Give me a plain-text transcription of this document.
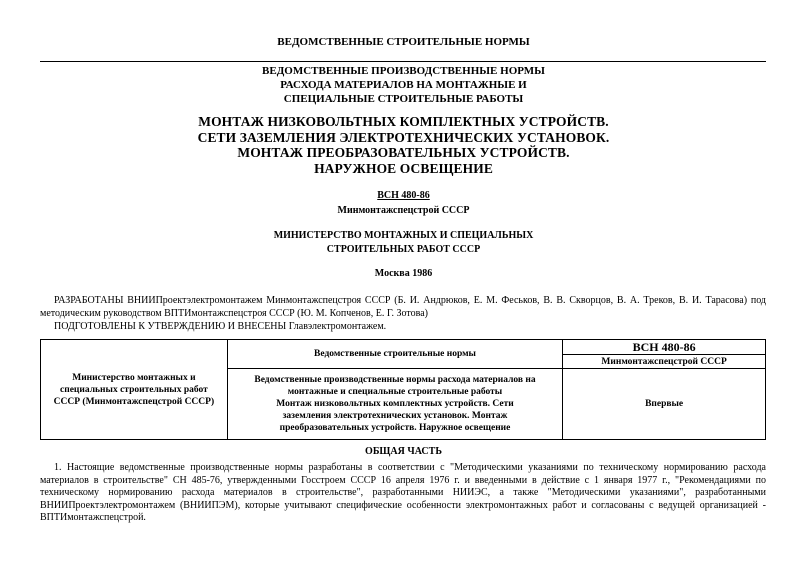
ВЕДОМСТВЕННЫЕ СТРОИТЕЛЬНЫЕ НОРМЫ
ВЕДОМСТВЕННЫЕ ПРОИЗВОДСТВЕННЫЕ НОРМЫ
РАСХОДА МАТЕРИАЛОВ НА МОНТАЖНЫЕ И
СПЕЦИАЛЬНЫЕ СТРОИТЕЛЬНЫЕ РАБОТЫ
МОНТАЖ НИЗКОВОЛЬТНЫХ КОМПЛЕКТНЫХ УСТРОЙСТВ.
СЕТИ ЗАЗЕМЛЕНИЯ ЭЛЕКТРОТЕХНИЧЕСКИХ УСТАНОВОК.
МОНТАЖ ПРЕОБРАЗОВАТЕЛЬНЫХ УСТРОЙСТВ.
НАРУЖНОЕ ОСВЕЩЕНИЕ
ВСН 480-86
Минмонтажспецстрой СССР
МИНИСТЕРСТВО МОНТАЖНЫХ И СПЕЦИАЛЬНЫХ
СТРОИТЕЛЬНЫХ РАБОТ СССР
Москва 1986
РАЗРАБОТАНЫ ВНИИПроектэлектромонтажем Минмонтажспецстроя СССР (Б. И. Андрюков, Е. М. Феськов, В. В. Скворцов, В. А. Треков, В. И. Тарасова) под методическим руководством ВПТИмонтажспецстроя СССР (Ю. М. Копченов, Е. Г. Зотова)
ПОДГОТОВЛЕНЫ К УТВЕРЖДЕНИЮ И ВНЕСЕНЫ Главэлектромонтажем.
Министерство монтажных и
специальных строительных работ
СССР (Минмонтажспецстрой СССР)	Ведомственные строительные нормы	ВСН 480-86
		Минмонтажспецстрой СССР

	Ведомственные производственные нормы расхода материалов на
монтажные и специальные строительные работы
Монтаж низковольтных комплектных устройств. Сети
заземления электротехнических установок. Монтаж
преобразовательных устройств. Наружное освещение	Впервые
ОБЩАЯ ЧАСТЬ
1. Настоящие ведомственные производственные нормы разработаны в соответствии с "Методическими указаниями по техническому нормированию расхода материалов в строительстве" СН 485-76, утвержденными Госстроем СССР 16 апреля 1976 г. и введенными в действие с 1 января 1977 г., "Рекомендациями по техническому нормированию расхода материалов в строительстве", разработанными НИИЭС, а также "Методическими указаниями", разработанными ВНИИПроектэлектромонтажем (ВНИИПЭМ), которые учитывают специфические особенности электромонтажных работ и согласованы с ведущей организацией - ВПТИмонтажспецстрой.
